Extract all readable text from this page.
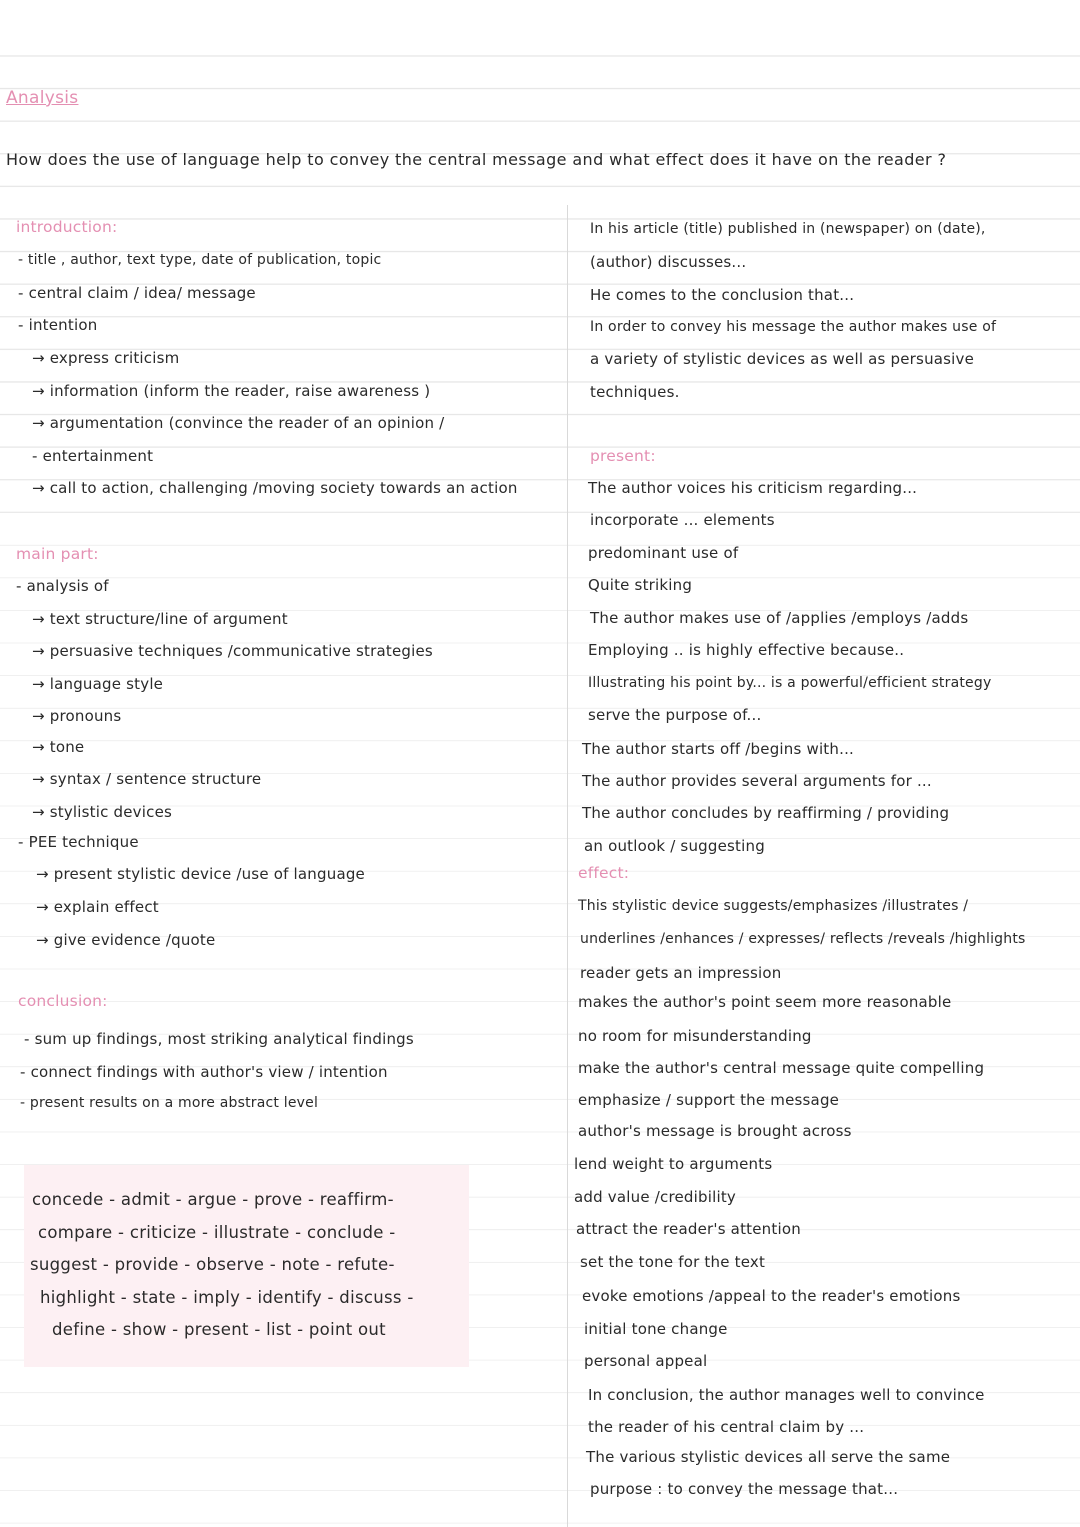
Analysis
How does the use of language help to convey the central message and what effect does it have on the reader ?
introduction:
- title , author, text type, date of publication, topic
- central claim / idea/ message
- intention
→ express criticism
→ information (inform the reader, raise awareness )
→ argumentation (convince the reader of an opinion /
- entertainment
→ call to action, challenging /moving society towards an action
main part:
- analysis of
→ text structure/line of argument
→ persuasive techniques /communicative strategies
→ language style
→ pronouns
→ tone
→ syntax / sentence structure
→ stylistic devices
- PEE technique
→ present stylistic device /use of language
→ explain effect
→ give evidence /quote
conclusion:
- sum up findings, most striking analytical findings
- connect findings with author's view / intention
- present results on a more abstract level
concede - admit - argue - prove - reaffirm-
compare - criticize - illustrate - conclude -
suggest - provide - observe - note - refute-
highlight - state - imply - identify - discuss -
define - show - present - list - point out
In his article (title) published in (newspaper) on (date),
(author) discusses...
He comes to the conclusion that...
In order to convey his message the author makes use of
a variety of stylistic devices as well as persuasive
techniques.
present:
The author voices his criticism regarding...
incorporate ... elements
predominant use of
Quite striking
The author makes use of /applies /employs /adds
Employing .. is highly effective because..
Illustrating his point by... is a powerful/efficient strategy
serve the purpose of...
The author starts off /begins with...
The author provides several arguments for ...
The author concludes by reaffirming / providing
an outlook / suggesting
effect:
This stylistic device suggests/emphasizes /illustrates /
underlines /enhances / expresses/ reflects /reveals /highlights
reader gets an impression
makes the author's point seem more reasonable
no room for misunderstanding
make the author's central message quite compelling
emphasize / support the message
author's message is brought across
lend weight to arguments
add value /credibility
attract the reader's attention
set the tone for the text
evoke emotions /appeal to the reader's emotions
initial tone change
personal appeal
In conclusion, the author manages well to convince
the reader of his central claim by ...
The various stylistic devices all serve the same
purpose : to convey the message that...
